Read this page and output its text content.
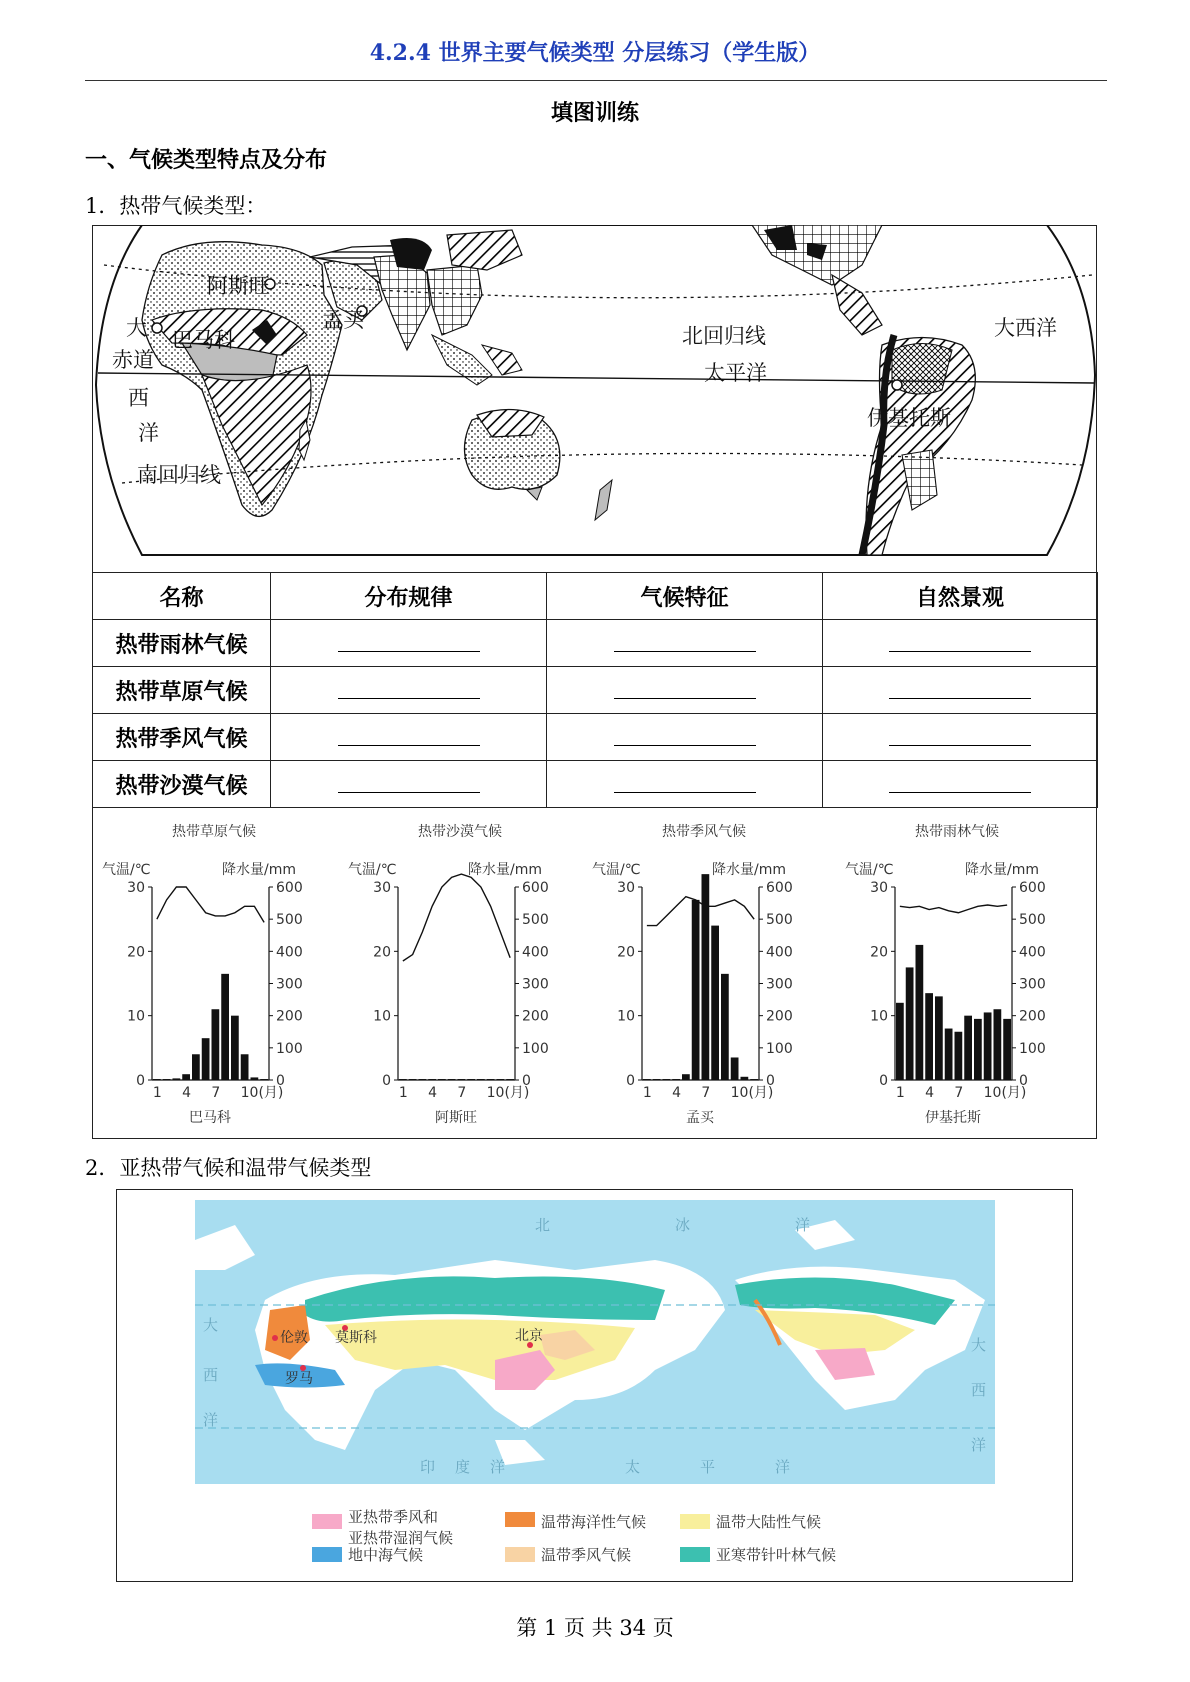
4.2.4 世界主要气候类型 分层练习（学生版）
填图训练
一、气候类型特点及分布
1．热带气候类型：
阿斯旺
孟买
巴马科
大
赤道
西
洋
南回归线
北回归线
太平洋
大西洋
伊基托斯
名称	分布规律	气候特征	自然景观
热带雨林气候			
热带草原气候			
热带季风气候			
热带沙漠气候			
热带草原气候
气温/℃	降水量/mm
0
10
20
30
0
100
200
300
400
500
600
1 4 7 10(月)
巴马科
热带沙漠气候
气温/℃	降水量/mm
0
10
20
30
0
100
200
300
400
500
600
1 4 7 10(月)
阿斯旺
热带季风气候
气温/℃	降水量/mm
0
10
20
30
0
100
200
300
400
500
600
1 4 7 10(月)
孟买
热带雨林气候
气温/℃	降水量/mm
0
10
20
30
0
100
200
300
400
500
600
1 4 7 10(月)
伊基托斯
2．亚热带气候和温带气候类型
伦敦 莫斯科
罗马
北京
北	冰	洋
大
西
洋
大
西
洋
印 度 洋	太	平	洋
亚热带季风和
亚热带湿润气候
温带海洋性气候	温带大陆性气候
地中海气候	温带季风气候	亚寒带针叶林气候
第 1 页 共 34 页
